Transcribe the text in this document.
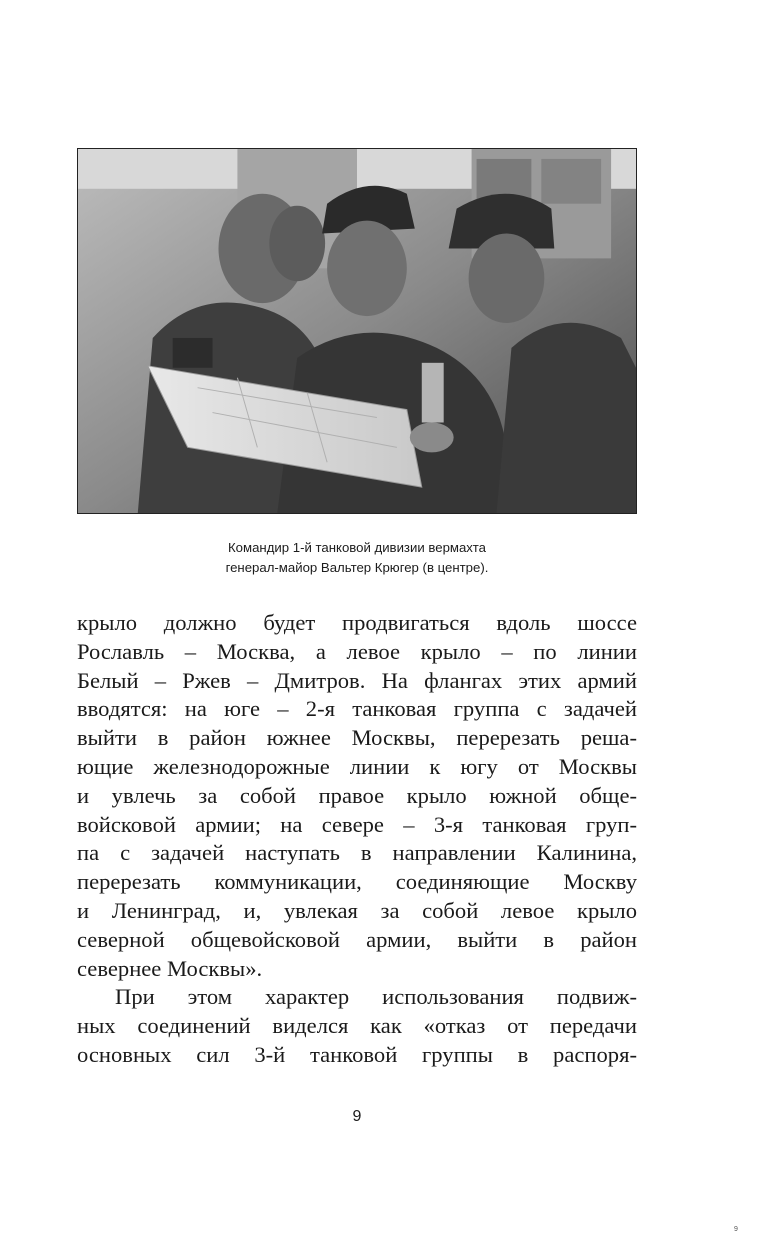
Командир 1-й танковой дивизии вермахта
генерал-майор Вальтер Крюгер (в центре).
крыло должно будет продвигаться вдоль шоссе
Рославль – Москва, а левое крыло – по линии
Белый – Ржев – Дмитров. На флангах этих армий
вводятся: на юге – 2-я танковая группа с задачей
выйти в район южнее Москвы, перерезать реша-
ющие железнодорожные линии к югу от Москвы
и увлечь за собой правое крыло южной обще-
войсковой армии; на севере – 3-я танковая груп-
па с задачей наступать в направлении Калинина,
перерезать коммуникации, соединяющие Москву
и Ленинград, и, увлекая за собой левое крыло
северной общевойсковой армии, выйти в район
севернее Москвы».
При этом характер использования подвиж-
ных соединений виделся как «отказ от передачи
основных сил 3-й танковой группы в распоря-
9
9
